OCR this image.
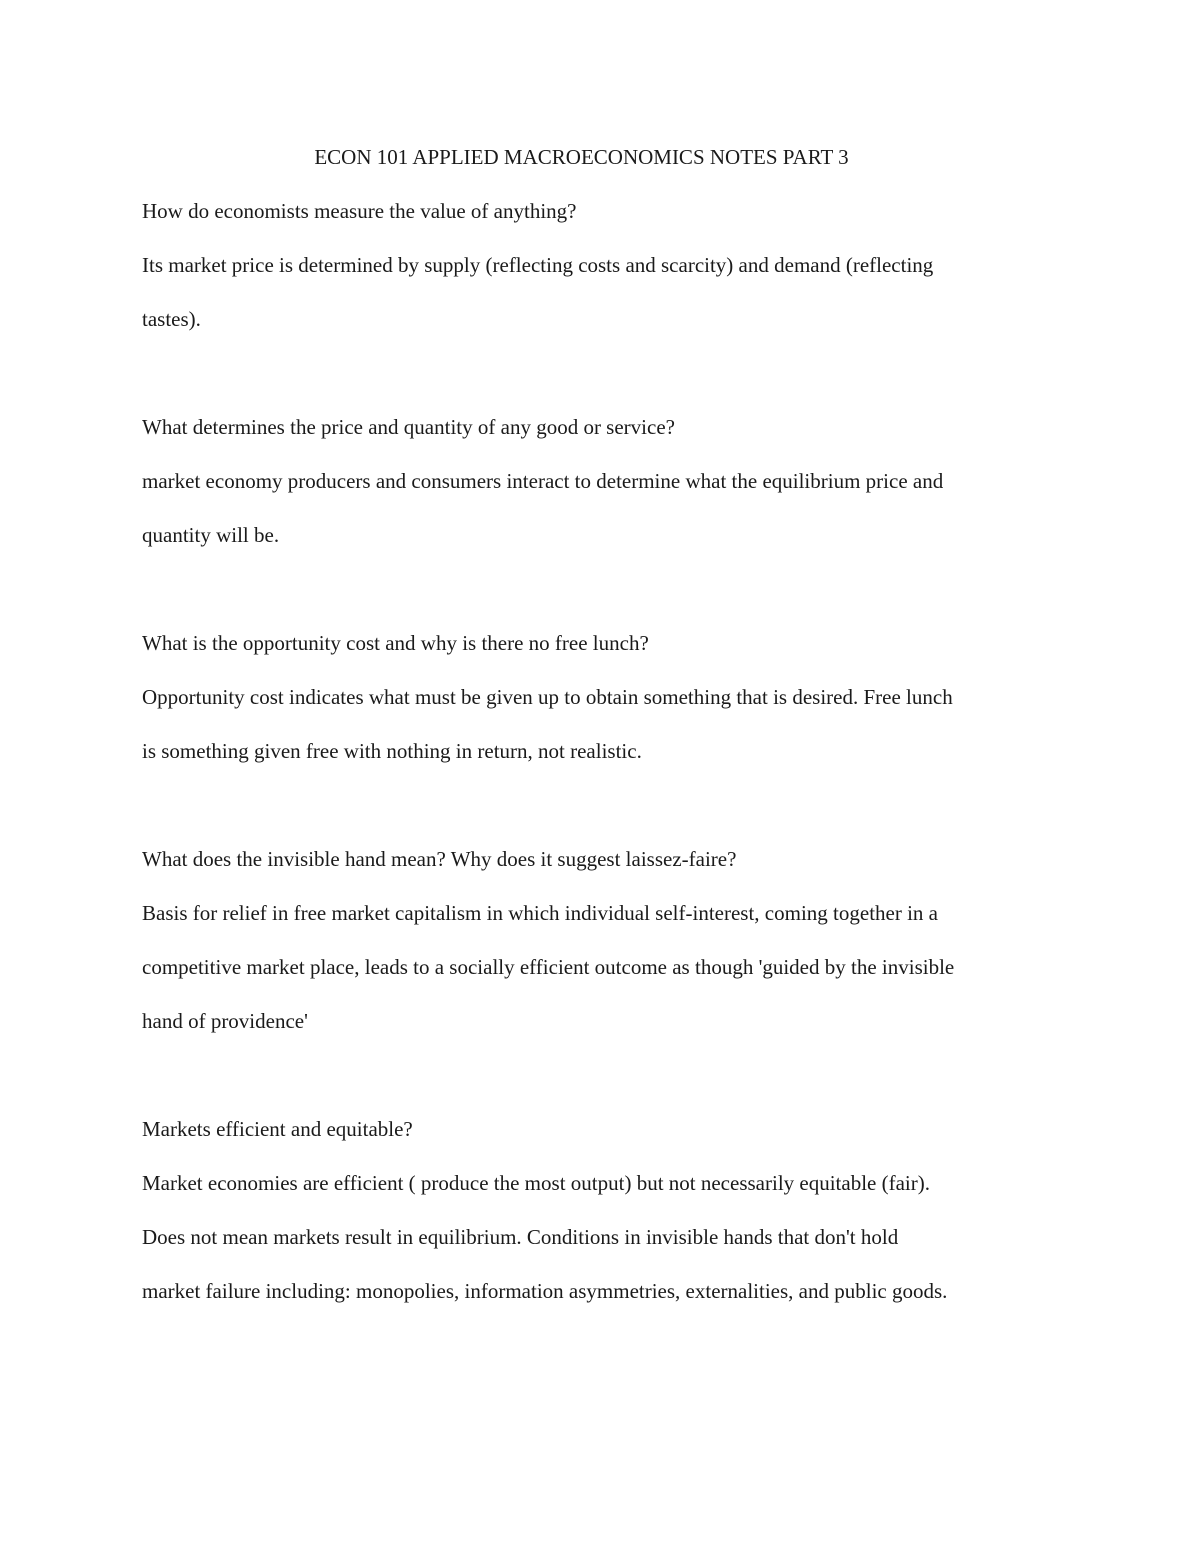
ECON 101 APPLIED MACROECONOMICS NOTES PART 3
How do economists measure the value of anything?
Its market price is determined by supply (reflecting costs and scarcity) and demand (reflecting
tastes).
What determines the price and quantity of any good or service?
market economy producers and consumers interact to determine what the equilibrium price and
quantity will be.
What is the opportunity cost and why is there no free lunch?
Opportunity cost indicates what must be given up to obtain something that is desired. Free lunch
is something given free with nothing in return, not realistic.
What does the invisible hand mean? Why does it suggest laissez-faire?
Basis for relief in free market capitalism in which individual self-interest, coming together in a
competitive market place, leads to a socially efficient outcome as though 'guided by the invisible
hand of providence'
Markets efficient and equitable?
Market economies are efficient ( produce the most output) but not necessarily equitable (fair).
Does not mean markets result in equilibrium. Conditions in invisible hands that don't hold
market failure including: monopolies, information asymmetries, externalities, and public goods.
